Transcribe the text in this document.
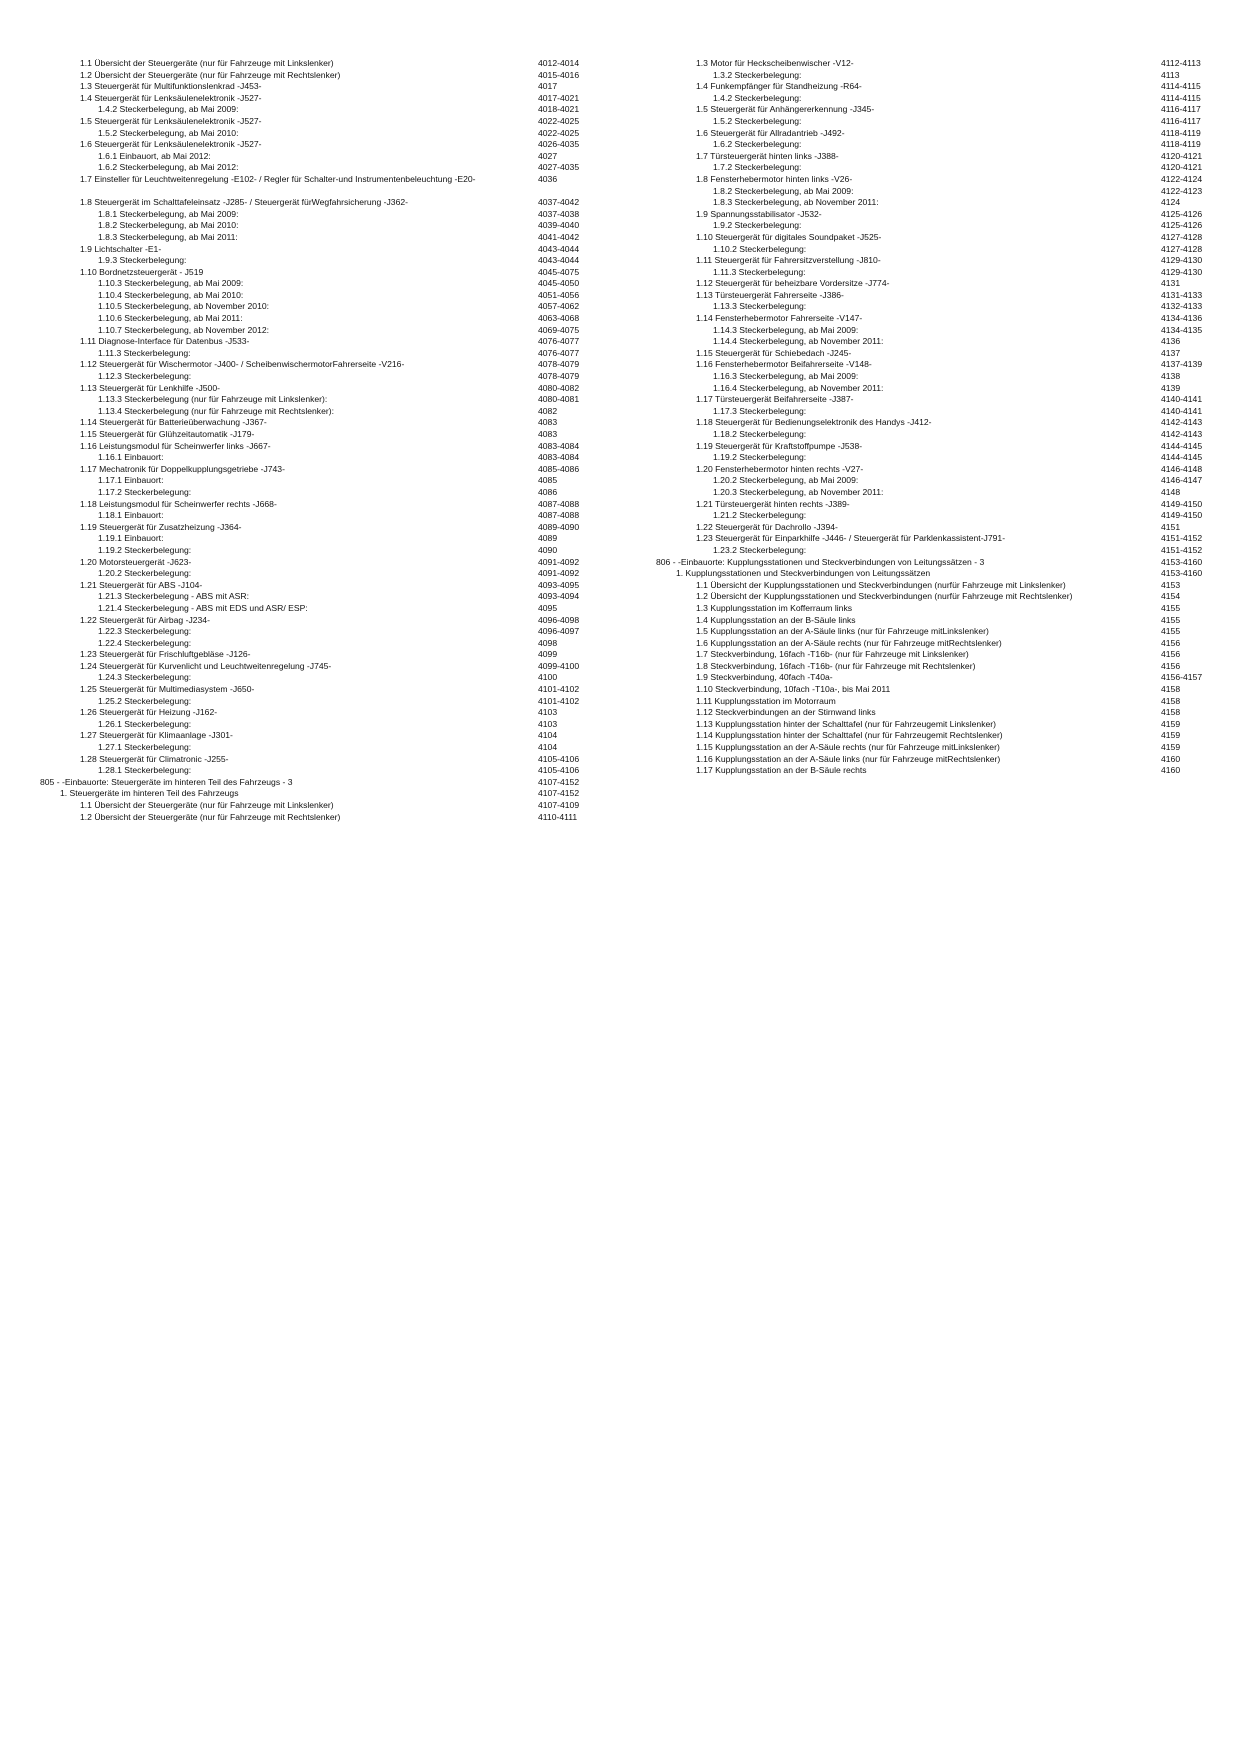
1.1 Übersicht der Steuergeräte (nur für Fahrzeuge mit Linkslenker)	4012-4014
1.2 Übersicht der Steuergeräte (nur für Fahrzeuge mit Rechtslenker)	4015-4016
1.3 Steuergerät für Multifunktionslenkrad -J453-	4017
1.4 Steuergerät für Lenksäulenelektronik -J527-	4017-4021
1.4.2 Steckerbelegung, ab Mai 2009:	4018-4021
1.5 Steuergerät für Lenksäulenelektronik -J527-	4022-4025
1.5.2 Steckerbelegung, ab Mai 2010:	4022-4025
1.6 Steuergerät für Lenksäulenelektronik -J527-	4026-4035
1.6.1 Einbauort, ab Mai 2012:	4027
1.6.2 Steckerbelegung, ab Mai 2012:	4027-4035
1.7 Einsteller für Leuchtweitenregelung -E102- / Regler für Schalter-und Instrumentenbeleuchtung -E20-	4036
1.8 Steuergerät im Schalttafeleinsatz -J285- / Steuergerät fürWegfahrsicherung -J362-	4037-4042
1.8.1 Steckerbelegung, ab Mai 2009:	4037-4038
1.8.2 Steckerbelegung, ab Mai 2010:	4039-4040
1.8.3 Steckerbelegung, ab Mai 2011:	4041-4042
1.9 Lichtschalter -E1-	4043-4044
1.9.3 Steckerbelegung:	4043-4044
1.10 Bordnetzsteuergerät - J519	4045-4075
1.10.3 Steckerbelegung, ab Mai 2009:	4045-4050
1.10.4 Steckerbelegung, ab Mai 2010:	4051-4056
1.10.5 Steckerbelegung, ab November 2010:	4057-4062
1.10.6 Steckerbelegung, ab Mai 2011:	4063-4068
1.10.7 Steckerbelegung, ab November 2012:	4069-4075
1.11 Diagnose-Interface für Datenbus -J533-	4076-4077
1.11.3 Steckerbelegung:	4076-4077
1.12 Steuergerät für Wischermotor -J400- / ScheibenwischermotorFahrerseite -V216-	4078-4079
1.12.3 Steckerbelegung:	4078-4079
1.13 Steuergerät für Lenkhilfe -J500-	4080-4082
1.13.3 Steckerbelegung (nur für Fahrzeuge mit Linkslenker):	4080-4081
1.13.4 Steckerbelegung (nur für Fahrzeuge mit Rechtslenker):	4082
1.14 Steuergerät für Batterieüberwachung -J367-	4083
1.15 Steuergerät für Glühzeitautomatik -J179-	4083
1.16 Leistungsmodul für Scheinwerfer links -J667-	4083-4084
1.16.1 Einbauort:	4083-4084
1.17 Mechatronik für Doppelkupplungsgetriebe -J743-	4085-4086
1.17.1 Einbauort:	4085
1.17.2 Steckerbelegung:	4086
1.18 Leistungsmodul für Scheinwerfer rechts -J668-	4087-4088
1.18.1 Einbauort:	4087-4088
1.19 Steuergerät für Zusatzheizung -J364-	4089-4090
1.19.1 Einbauort:	4089
1.19.2 Steckerbelegung:	4090
1.20 Motorsteuergerät -J623-	4091-4092
1.20.2 Steckerbelegung:	4091-4092
1.21 Steuergerät für ABS -J104-	4093-4095
1.21.3 Steckerbelegung - ABS mit ASR:	4093-4094
1.21.4 Steckerbelegung - ABS mit EDS und ASR/ ESP:	4095
1.22 Steuergerät für Airbag -J234-	4096-4098
1.22.3 Steckerbelegung:	4096-4097
1.22.4 Steckerbelegung:	4098
1.23 Steuergerät für Frischluftgebläse -J126-	4099
1.24 Steuergerät für Kurvenlicht und Leuchtweitenregelung -J745-	4099-4100
1.24.3 Steckerbelegung:	4100
1.25 Steuergerät für Multimediasystem -J650-	4101-4102
1.25.2 Steckerbelegung:	4101-4102
1.26 Steuergerät für Heizung -J162-	4103
1.26.1 Steckerbelegung:	4103
1.27 Steuergerät für Klimaanlage -J301-	4104
1.27.1 Steckerbelegung:	4104
1.28 Steuergerät für Climatronic -J255-	4105-4106
1.28.1 Steckerbelegung:	4105-4106
805 - -Einbauorte: Steuergeräte im hinteren Teil des Fahrzeugs - 3	4107-4152
1. Steuergeräte im hinteren Teil des Fahrzeugs	4107-4152
1.1 Übersicht der Steuergeräte (nur für Fahrzeuge mit Linkslenker)	4107-4109
1.2 Übersicht der Steuergeräte (nur für Fahrzeuge mit Rechtslenker)	4110-4111
1.3 Motor für Heckscheibenwischer -V12-	4112-4113
1.3.2 Steckerbelegung:	4113
1.4 Funkempfänger für Standheizung -R64-	4114-4115
1.4.2 Steckerbelegung:	4114-4115
1.5 Steuergerät für Anhängererkennung -J345-	4116-4117
1.5.2 Steckerbelegung:	4116-4117
1.6 Steuergerät für Allradantrieb -J492-	4118-4119
1.6.2 Steckerbelegung:	4118-4119
1.7 Türsteuergerät hinten links -J388-	4120-4121
1.7.2 Steckerbelegung:	4120-4121
1.8 Fensterhebermotor hinten links -V26-	4122-4124
1.8.2 Steckerbelegung, ab Mai 2009:	4122-4123
1.8.3 Steckerbelegung, ab November 2011:	4124
1.9 Spannungsstabilisator -J532-	4125-4126
1.9.2 Steckerbelegung:	4125-4126
1.10 Steuergerät für digitales Soundpaket -J525-	4127-4128
1.10.2 Steckerbelegung:	4127-4128
1.11 Steuergerät für Fahrersitzverstellung -J810-	4129-4130
1.11.3 Steckerbelegung:	4129-4130
1.12 Steuergerät für beheizbare Vordersitze -J774-	4131
1.13 Türsteuergerät Fahrerseite -J386-	4131-4133
1.13.3 Steckerbelegung:	4132-4133
1.14 Fensterhebermotor Fahrerseite -V147-	4134-4136
1.14.3 Steckerbelegung, ab Mai 2009:	4134-4135
1.14.4 Steckerbelegung, ab November 2011:	4136
1.15 Steuergerät für Schiebedach -J245-	4137
1.16 Fensterhebermotor Beifahrerseite -V148-	4137-4139
1.16.3 Steckerbelegung, ab Mai 2009:	4138
1.16.4 Steckerbelegung, ab November 2011:	4139
1.17 Türsteuergerät Beifahrerseite -J387-	4140-4141
1.17.3 Steckerbelegung:	4140-4141
1.18 Steuergerät für Bedienungselektronik des Handys -J412-	4142-4143
1.18.2 Steckerbelegung:	4142-4143
1.19 Steuergerät für Kraftstoffpumpe -J538-	4144-4145
1.19.2 Steckerbelegung:	4144-4145
1.20 Fensterhebermotor hinten rechts -V27-	4146-4148
1.20.2 Steckerbelegung, ab Mai 2009:	4146-4147
1.20.3 Steckerbelegung, ab November 2011:	4148
1.21 Türsteuergerät hinten rechts -J389-	4149-4150
1.21.2 Steckerbelegung:	4149-4150
1.22 Steuergerät für Dachrollo -J394-	4151
1.23 Steuergerät für Einparkhilfe -J446- / Steuergerät für Parklenkassistent-J791-	4151-4152
1.23.2 Steckerbelegung:	4151-4152
806 - -Einbauorte: Kupplungsstationen und Steckverbindungen von Leitungssätzen - 3	4153-4160
1. Kupplungsstationen und Steckverbindungen von Leitungssätzen	4153-4160
1.1 Übersicht der Kupplungsstationen und Steckverbindungen (nurfür Fahrzeuge mit Linkslenker)	4153
1.2 Übersicht der Kupplungsstationen und Steckverbindungen (nurfür Fahrzeuge mit Rechtslenker)	4154
1.3 Kupplungsstation im Kofferraum links	4155
1.4 Kupplungsstation an der B-Säule links	4155
1.5 Kupplungsstation an der A-Säule links (nur für Fahrzeuge mitLinkslenker)	4155
1.6 Kupplungsstation an der A-Säule rechts (nur für Fahrzeuge mitRechtslenker)	4156
1.7 Steckverbindung, 16fach -T16b- (nur für Fahrzeuge mit Linkslenker)	4156
1.8 Steckverbindung, 16fach -T16b- (nur für Fahrzeuge mit Rechtslenker)	4156
1.9 Steckverbindung, 40fach -T40a-	4156-4157
1.10 Steckverbindung, 10fach -T10a-, bis Mai 2011	4158
1.11 Kupplungsstation im Motorraum	4158
1.12 Steckverbindungen an der Stirnwand links	4158
1.13 Kupplungsstation hinter der Schalttafel (nur für Fahrzeugemit Linkslenker)	4159
1.14 Kupplungsstation hinter der Schalttafel (nur für Fahrzeugemit Rechtslenker)	4159
1.15 Kupplungsstation an der A-Säule rechts (nur für Fahrzeuge mitLinkslenker)	4159
1.16 Kupplungsstation an der A-Säule links (nur für Fahrzeuge mitRechtslenker)	4160
1.17 Kupplungsstation an der B-Säule rechts	4160
